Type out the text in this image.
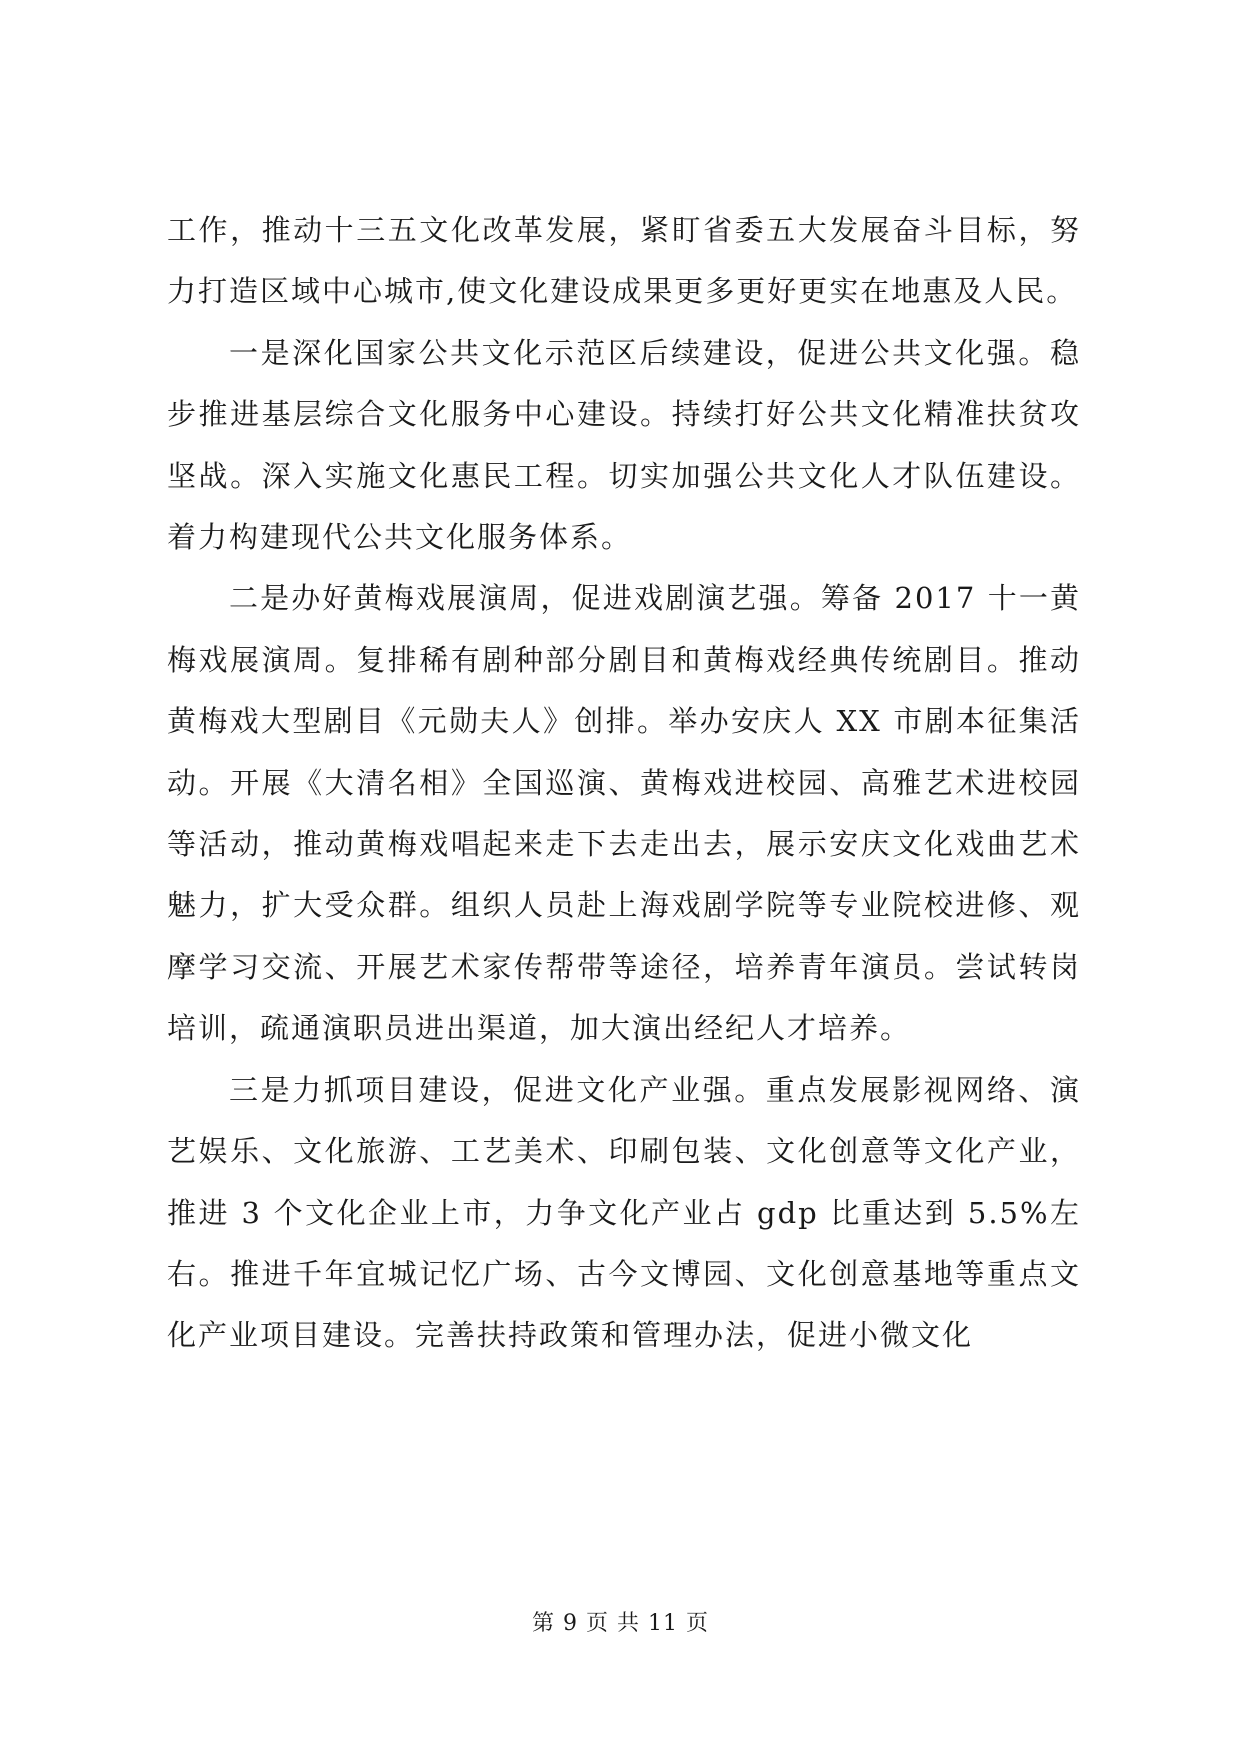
工作，推动十三五文化改革发展，紧盯省委五大发展奋斗目标，努力打造区域中心城市,使文化建设成果更多更好更实在地惠及人民。

一是深化国家公共文化示范区后续建设，促进公共文化强。稳步推进基层综合文化服务中心建设。持续打好公共文化精准扶贫攻坚战。深入实施文化惠民工程。切实加强公共文化人才队伍建设。着力构建现代公共文化服务体系。

二是办好黄梅戏展演周，促进戏剧演艺强。筹备 2017 十一黄梅戏展演周。复排稀有剧种部分剧目和黄梅戏经典传统剧目。推动黄梅戏大型剧目《元勋夫人》创排。举办安庆人 XX 市剧本征集活动。开展《大清名相》全国巡演、黄梅戏进校园、高雅艺术进校园等活动，推动黄梅戏唱起来走下去走出去，展示安庆文化戏曲艺术魅力，扩大受众群。组织人员赴上海戏剧学院等专业院校进修、观摩学习交流、开展艺术家传帮带等途径，培养青年演员。尝试转岗培训，疏通演职员进出渠道，加大演出经纪人才培养。

三是力抓项目建设，促进文化产业强。重点发展影视网络、演艺娱乐、文化旅游、工艺美术、印刷包装、文化创意等文化产业，推进 3 个文化企业上市，力争文化产业占 gdp 比重达到 5.5%左右。推进千年宜城记忆广场、古今文博园、文化创意基地等重点文化产业项目建设。完善扶持政策和管理办法，促进小微文化

第 9 页 共 11 页
